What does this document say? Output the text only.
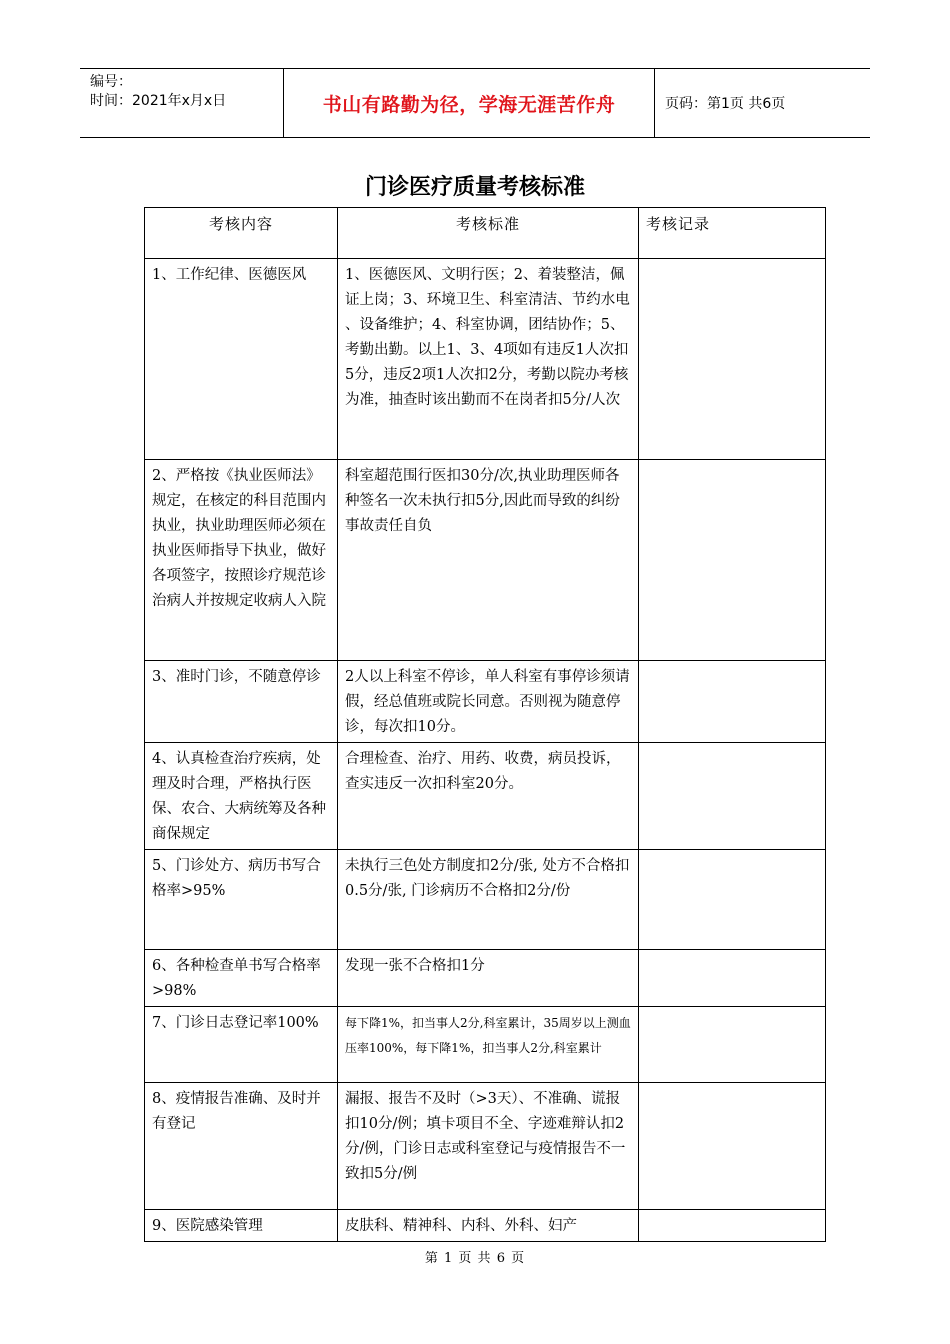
编号：
时间：2021年x月x日	书山有路勤为径，学海无涯苦作舟	页码：第1页 共6页
门诊医疗质量考核标准
考核内容	考核标准	考核记录
1、工作纪律、医德医风	1、医德医风、文明行医；2、着装整洁，佩证上岗；3、环境卫生、科室清洁、节约水电 、设备维护；4、科室协调，团结协作；5、考勤出勤。以上1、3、4项如有违反1人次扣5分，违反2项1人次扣2分，考勤以院办考核为准，抽查时该出勤而不在岗者扣5分/人次	
2、严格按《执业医师法》规定，在核定的科目范围内执业，执业助理医师必须在执业医师指导下执业，做好各项签字，按照诊疗规范诊治病人并按规定收病人入院	科室超范围行医扣30分/次,执业助理医师各种签名一次未执行扣5分,因此而导致的纠纷事故责任自负	
3、准时门诊，不随意停诊	2人以上科室不停诊，单人科室有事停诊须请假，经总值班或院长同意。否则视为随意停诊，每次扣10分。	
4、认真检查治疗疾病，处理及时合理，严格执行医保、农合、大病统筹及各种商保规定	合理检查、治疗、用药、收费，病员投诉，查实违反一次扣科室20分。	
5、门诊处方、病历书写合格率>95%	未执行三色处方制度扣2分/张, 处方不合格扣0.5分/张, 门诊病历不合格扣2分/份	
6、各种检查单书写合格率 >98%	发现一张不合格扣1分	
7、门诊日志登记率100%	每下降1%，扣当事人2分,科室累计，35周岁以上测血压率100%，每下降1%，扣当事人2分,科室累计	
8、疫情报告准确、及时并有登记	漏报、报告不及时（>3天）、不准确、谎报扣10分/例；填卡项目不全、字迹难辩认扣2分/例，门诊日志或科室登记与疫情报告不一致扣5分/例	
9、医院感染管理	皮肤科、精神科、内科、外科、妇产	
第 1 页 共 6 页
